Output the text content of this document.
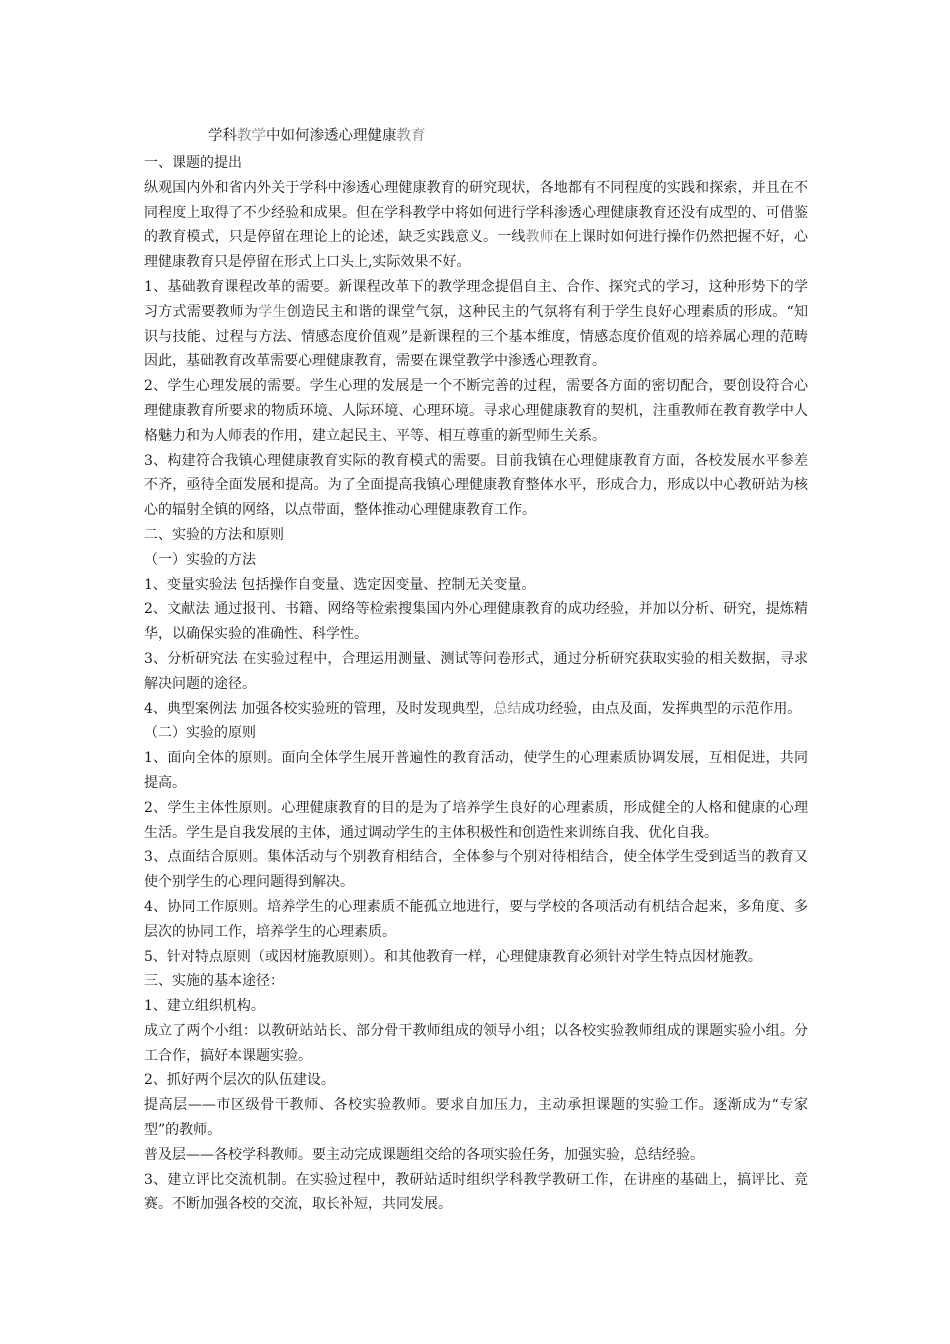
学科教学中如何渗透心理健康教育

一、课题的提出

纵观国内外和省内外关于学科中渗透心理健康教育的研究现状，各地都有不同程度的实践和探索，并且在不同程度上取得了不少经验和成果。但在学科教学中将如何进行学科渗透心理健康教育还没有成型的、可借鉴的教育模式，只是停留在理论上的论述，缺乏实践意义。一线教师在上课时如何进行操作仍然把握不好，心理健康教育只是停留在形式上口头上,实际效果不好。

1、基础教育课程改革的需要。新课程改革下的教学理念提倡自主、合作、探究式的学习，这种形势下的学习方式需要教师为学生创造民主和谐的课堂气氛，这种民主的气氛将有利于学生良好心理素质的形成。“知识与技能、过程与方法、情感态度价值观”是新课程的三个基本维度，情感态度价值观的培养属心理的范畴因此，基础教育改革需要心理健康教育，需要在课堂教学中渗透心理教育。

2、学生心理发展的需要。学生心理的发展是一个不断完善的过程，需要各方面的密切配合，要创设符合心理健康教育所要求的物质环境、人际环境、心理环境。寻求心理健康教育的契机，注重教师在教育教学中人格魅力和为人师表的作用，建立起民主、平等、相互尊重的新型师生关系。

3、构建符合我镇心理健康教育实际的教育模式的需要。目前我镇在心理健康教育方面，各校发展水平参差不齐，亟待全面发展和提高。为了全面提高我镇心理健康教育整体水平，形成合力，形成以中心教研站为核心的辐射全镇的网络，以点带面，整体推动心理健康教育工作。

二、实验的方法和原则

（一）实验的方法

1、变量实验法 包括操作自变量、选定因变量、控制无关变量。

2、文献法 通过报刊、书籍、网络等检索搜集国内外心理健康教育的成功经验，并加以分析、研究，提炼精华，以确保实验的准确性、科学性。

3、分析研究法 在实验过程中，合理运用测量、测试等问卷形式，通过分析研究获取实验的相关数据，寻求解决问题的途径。

4、典型案例法 加强各校实验班的管理，及时发现典型，总结成功经验，由点及面，发挥典型的示范作用。

（二）实验的原则

1、面向全体的原则。面向全体学生展开普遍性的教育活动，使学生的心理素质协调发展，互相促进，共同提高。

2、学生主体性原则。心理健康教育的目的是为了培养学生良好的心理素质，形成健全的人格和健康的心理生活。学生是自我发展的主体，通过调动学生的主体积极性和创造性来训练自我、优化自我。

3、点面结合原则。集体活动与个别教育相结合，全体参与个别对待相结合，使全体学生受到适当的教育又使个别学生的心理问题得到解决。

4、协同工作原则。培养学生的心理素质不能孤立地进行，要与学校的各项活动有机结合起来，多角度、多层次的协同工作，培养学生的心理素质。

5、针对特点原则（或因材施教原则）。和其他教育一样，心理健康教育必须针对学生特点因材施教。

三、实施的基本途径：

1、建立组织机构。

成立了两个小组：以教研站站长、部分骨干教师组成的领导小组；以各校实验教师组成的课题实验小组。分工合作，搞好本课题实验。

2、抓好两个层次的队伍建设。

提高层——市区级骨干教师、各校实验教师。要求自加压力，主动承担课题的实验工作。逐渐成为“专家型”的教师。

普及层——各校学科教师。要主动完成课题组交给的各项实验任务，加强实验，总结经验。

3、建立评比交流机制。在实验过程中，教研站适时组织学科教学教研工作，在讲座的基础上，搞评比、竞赛。不断加强各校的交流，取长补短，共同发展。
